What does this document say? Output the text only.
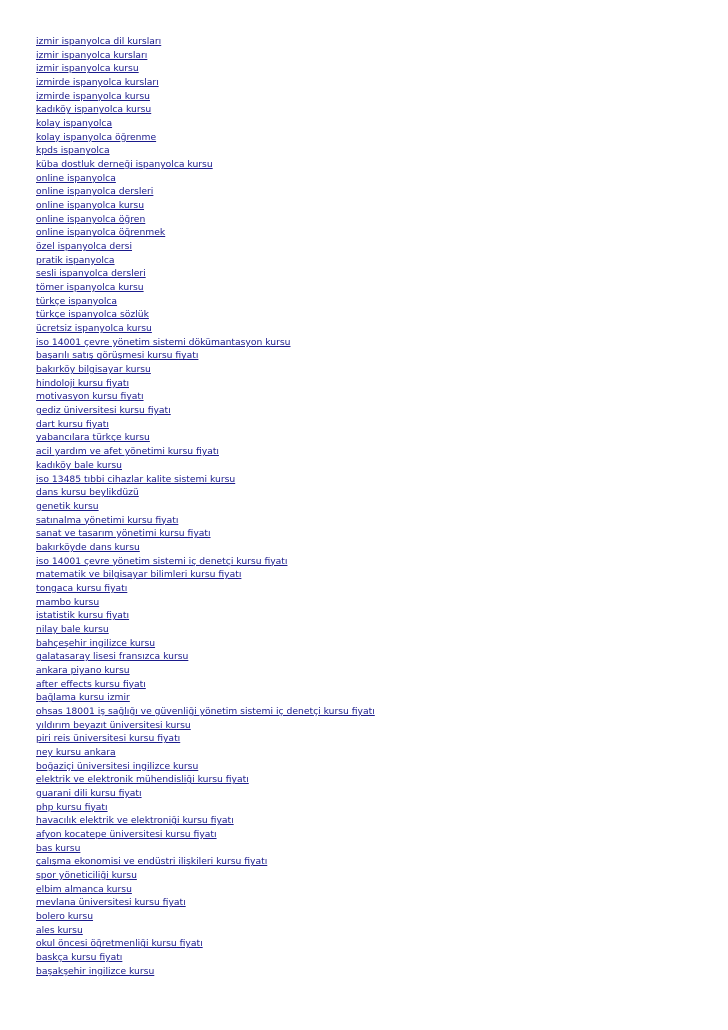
izmir ispanyolca dil kursları
izmir ispanyolca kursları
izmir ispanyolca kursu
izmirde ispanyolca kursları
izmirde ispanyolca kursu
kadıköy ispanyolca kursu
kolay ispanyolca
kolay ispanyolca öğrenme
kpds ispanyolca
küba dostluk derneği ispanyolca kursu
online ispanyolca
online ispanyolca dersleri
online ispanyolca kursu
online ispanyolca öğren
online ispanyolca öğrenmek
özel ispanyolca dersi
pratik ispanyolca
sesli ispanyolca dersleri
tömer ispanyolca kursu
türkçe ispanyolca
türkçe ispanyolca sözlük
ücretsiz ispanyolca kursu
iso 14001 çevre yönetim sistemi dökümantasyon kursu
başarılı satış görüşmesi kursu fiyatı
bakırköy bilgisayar kursu
hindoloji kursu fiyatı
motivasyon kursu fiyatı
gediz üniversitesi kursu fiyatı
dart kursu fiyatı
yabancılara türkçe kursu
acil yardım ve afet yönetimi kursu fiyatı
kadıköy bale kursu
iso 13485 tıbbi cihazlar kalite sistemi kursu
dans kursu beylikdüzü
genetik kursu
satınalma yönetimi kursu fiyatı
sanat ve tasarım yönetimi kursu fiyatı
bakırköyde dans kursu
iso 14001 çevre yönetim sistemi iç denetçi kursu fiyatı
matematik ve bilgisayar bilimleri kursu fiyatı
tongaca kursu fiyatı
mambo kursu
istatistik kursu fiyatı
nilay bale kursu
bahçeşehir ingilizce kursu
galatasaray lisesi fransızca kursu
ankara piyano kursu
after effects kursu fiyatı
bağlama kursu izmir
ohsas 18001 iş sağlığı ve güvenliği yönetim sistemi iç denetçi kursu fiyatı
yıldırım beyazıt üniversitesi kursu
piri reis üniversitesi kursu fiyatı
ney kursu ankara
boğaziçi üniversitesi ingilizce kursu
elektrik ve elektronik mühendisliği kursu fiyatı
guarani dili kursu fiyatı
php kursu fiyatı
havacılık elektrik ve elektroniği kursu fiyatı
afyon kocatepe üniversitesi kursu fiyatı
bas kursu
çalışma ekonomisi ve endüstri ilişkileri kursu fiyatı
spor yöneticiliği kursu
elbim almanca kursu
mevlana üniversitesi kursu fiyatı
bolero kursu
ales kursu
okul öncesi öğretmenliği kursu fiyatı
baskça kursu fiyatı
başakşehir ingilizce kursu
